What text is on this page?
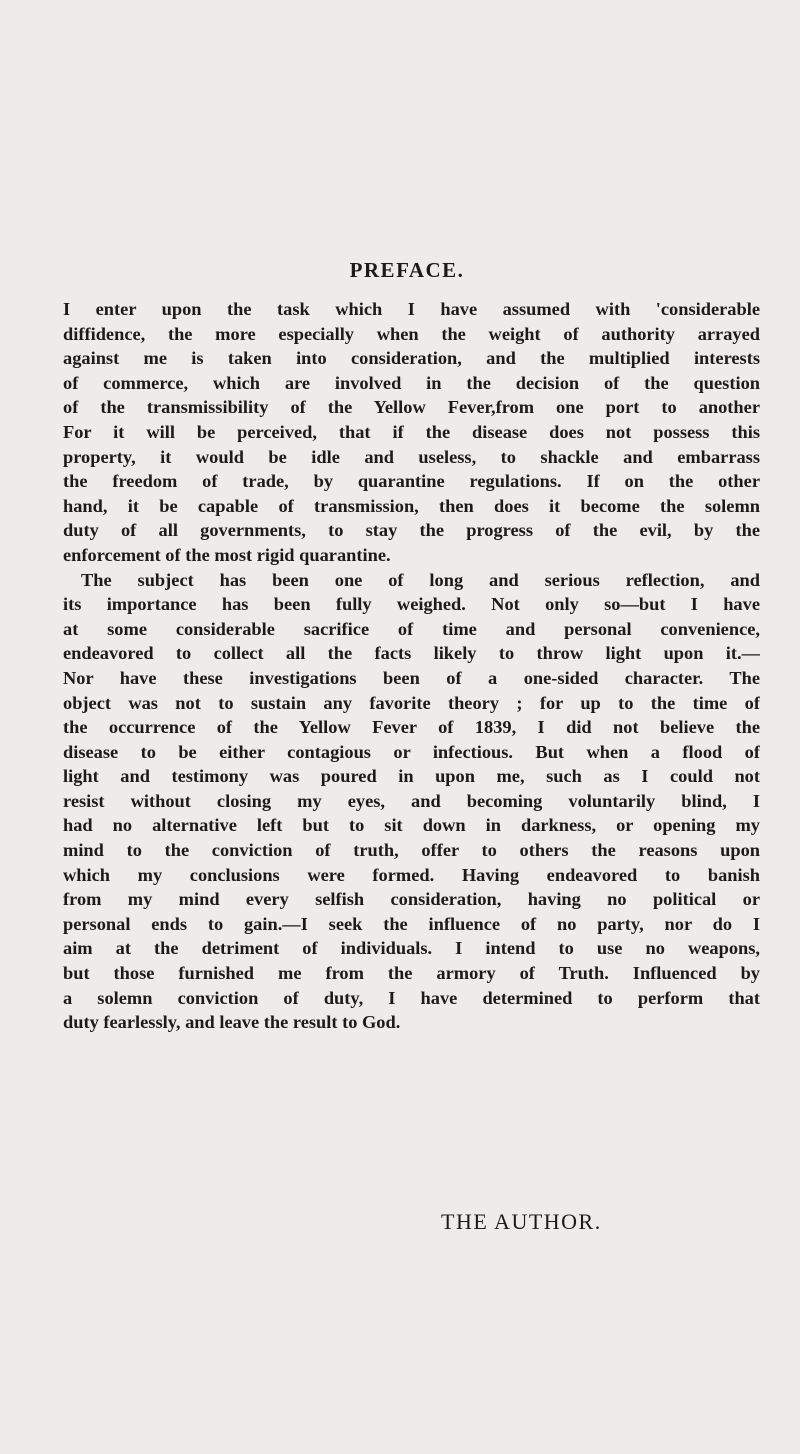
PREFACE.
I enter upon the task which I have assumed with 'considerable
diffidence, the more especially when the weight of authority arrayed
against me is taken into consideration, and the multiplied interests
of commerce, which are involved in the decision of the question
of the transmissibility of the Yellow Fever,from one port to another
For it will be perceived, that if the disease does not possess this
property, it would be idle and useless, to shackle and embarrass
the freedom of trade, by quarantine regulations. If on the other
hand, it be capable of transmission, then does it become the solemn
duty of all governments, to stay the progress of the evil, by the
enforcement of the most rigid quarantine.
The subject has been one of long and serious reflection, and
its importance has been fully weighed. Not only so—but I have
at some considerable sacrifice of time and personal convenience,
endeavored to collect all the facts likely to throw light upon it.—
Nor have these investigations been of a one-sided character. The
object was not to sustain any favorite theory ; for up to the time of
the occurrence of the Yellow Fever of 1839, I did not believe the
disease to be either contagious or infectious. But when a flood of
light and testimony was poured in upon me, such as I could not
resist without closing my eyes, and becoming voluntarily blind, I
had no alternative left but to sit down in darkness, or opening my
mind to the conviction of truth, offer to others the reasons upon
which my conclusions were formed. Having endeavored to banish
from my mind every selfish consideration, having no political or
personal ends to gain.—I seek the influence of no party, nor do I
aim at the detriment of individuals. I intend to use no weapons,
but those furnished me from the armory of Truth. Influenced by
a solemn conviction of duty, I have determined to perform that
duty fearlessly, and leave the result to God.
THE AUTHOR.
